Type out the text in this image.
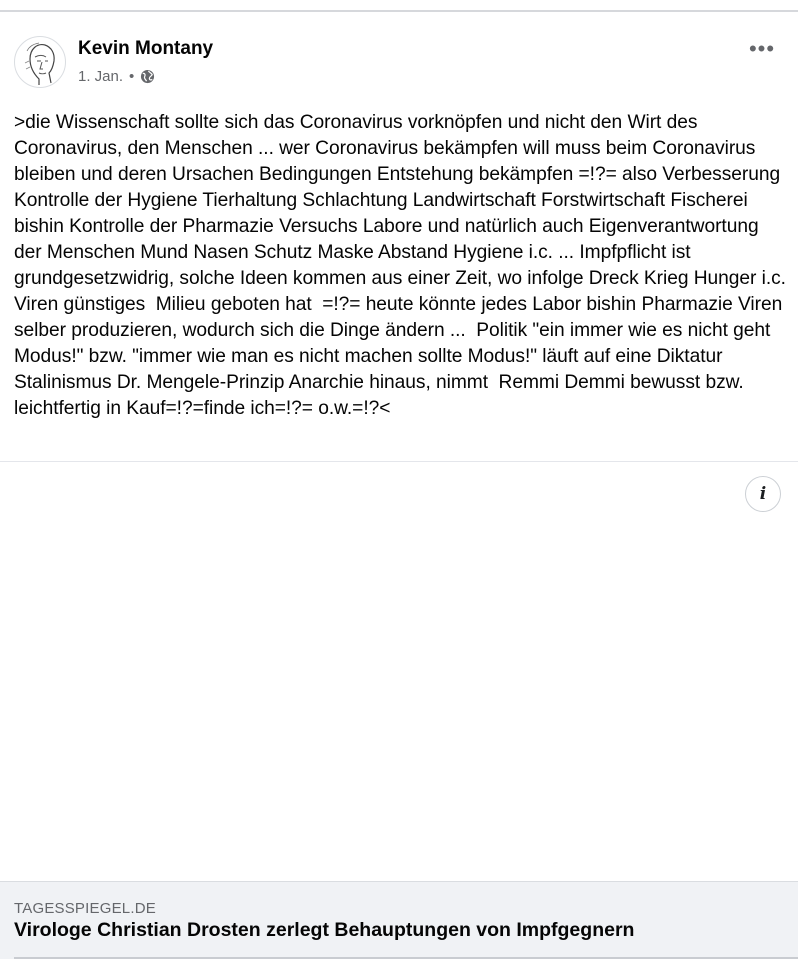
Kevin Montany
1. Jan. •
•••
>die Wissenschaft sollte sich das Coronavirus vorknöpfen und nicht den Wirt des Coronavirus, den Menschen ... wer Coronavirus bekämpfen will muss beim Coronavirus bleiben und deren Ursachen Bedingungen Entstehung bekämpfen =!?= also Verbesserung Kontrolle der Hygiene Tierhaltung Schlachtung Landwirtschaft Forstwirtschaft Fischerei bishin Kontrolle der Pharmazie Versuchs Labore und natürlich auch Eigenverantwortung der Menschen Mund Nasen Schutz Maske Abstand Hygiene i.c. ... Impfpflicht ist grundgesetzwidrig, solche Ideen kommen aus einer Zeit, wo infolge Dreck Krieg Hunger i.c.  Viren günstiges  Milieu geboten hat  =!?= heute könnte jedes Labor bishin Pharmazie Viren selber produzieren, wodurch sich die Dinge ändern ...  Politik "ein immer wie es nicht geht Modus!" bzw. "immer wie man es nicht machen sollte Modus!" läuft auf eine Diktatur Stalinismus Dr. Mengele-Prinzip Anarchie hinaus, nimmt  Remmi Demmi bewusst bzw. leichtfertig in Kauf=!?=finde ich=!?= o.w.=!?<
i
TAGESSPIEGEL.DE
Virologe Christian Drosten zerlegt Behauptungen von Impfgegnern
